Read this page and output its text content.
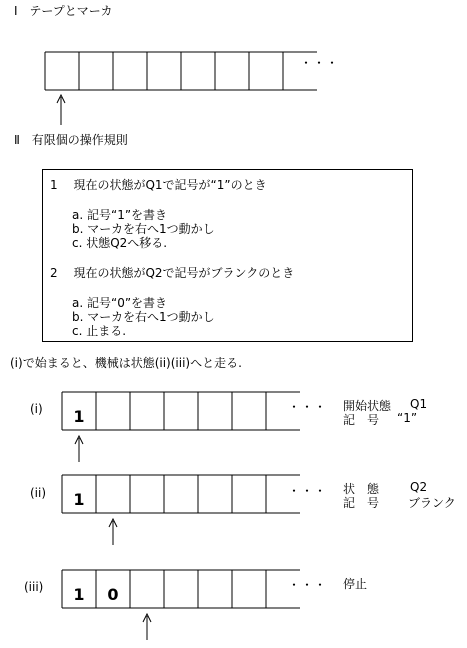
Ⅰ テープとマーカ
・・・
Ⅱ 有限個の操作規則
1 現在の状態がQ1で記号が“1”のとき
a. 記号“1”を書き
b. マーカを右へ1つ動かし
c. 状態Q2へ移る.
2 現在の状態がQ2で記号がブランクのとき
a. 記号“0”を書き
b. マーカを右へ1つ動かし
c. 止まる.
(i)で始まると、機械は状態(ii)(iii)へと走る.
(i)	1	・・・ 開始状態 Q1
記号 “1”
(ii)	1	・・・ 状態 Q2
記号 ブランク
(iii)	1	0	・・・ 停止
